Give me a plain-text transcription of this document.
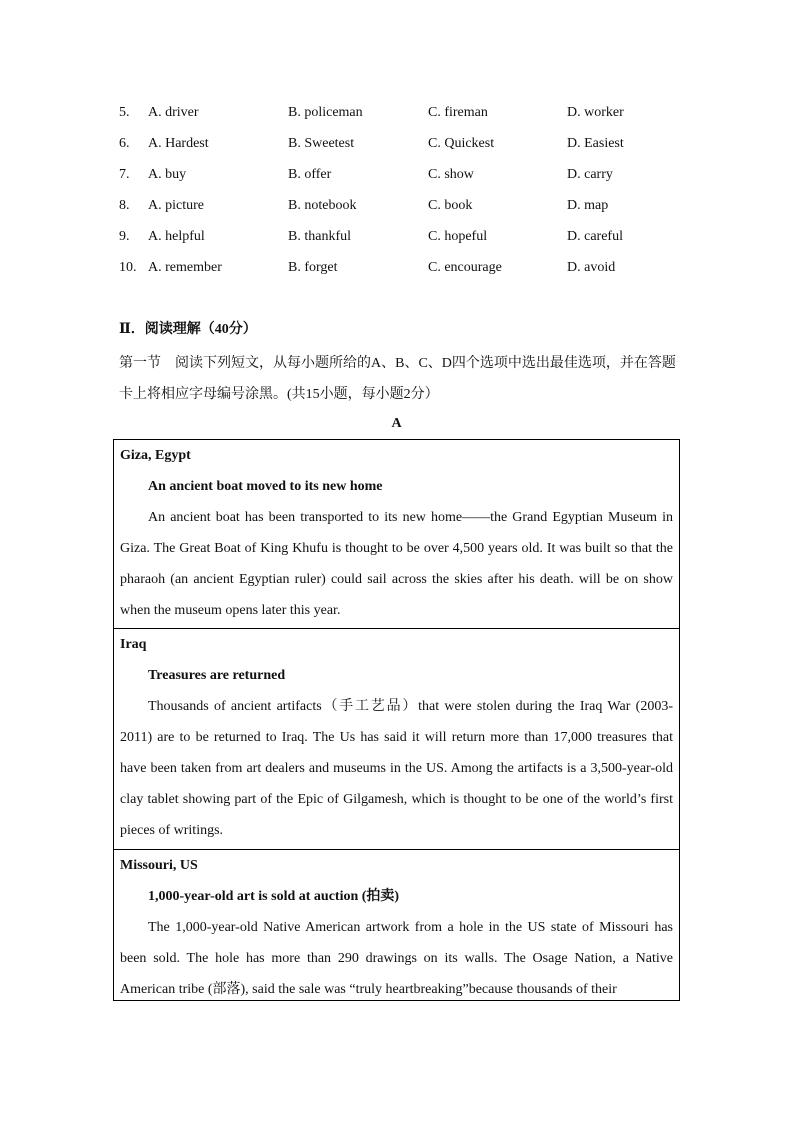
5.	A. driver	B. policeman	C. fireman	D. worker
6.	A. Hardest	B. Sweetest	C. Quickest	D. Easiest
7.	A. buy	B. offer	C. show	D. carry
8.	A. picture	B. notebook	C. book	D. map
9.	A. helpful	B. thankful	C. hopeful	D. careful
10. A. remember	B. forget	C. encourage	D. avoid
Ⅱ．阅读理解（40分）
第一节　阅读下列短文，从每小题所给的A、B、C、D四个选项中选出最佳选项，并在答题卡上将相应字母编号涂黑。(共15小题，每小题2分）
A
Giza, Egypt
An ancient boat moved to its new home
An ancient boat has been transported to its new home——the Grand Egyptian Museum in Giza. The Great Boat of King Khufu is thought to be over 4,500 years old. It was built so that the pharaoh (an ancient Egyptian ruler) could sail across the skies after his death. will be on show when the museum opens later this year.
Iraq
Treasures are returned
Thousands of ancient artifacts（手工艺品）that were stolen during the Iraq War (2003-2011) are to be returned to Iraq. The Us has said it will return more than 17,000 treasures that have been taken from art dealers and museums in the US. Among the artifacts is a 3,500-year-old clay tablet showing part of the Epic of Gilgamesh, which is thought to be one of the world’s first pieces of writings.
Missouri, US
1,000-year-old art is sold at auction (拍卖)
The 1,000-year-old Native American artwork from a hole in the US state of Missouri has been sold. The hole has more than 290 drawings on its walls. The Osage Nation, a Native American tribe (部落), said the sale was “truly heartbreaking”because thousands of their
